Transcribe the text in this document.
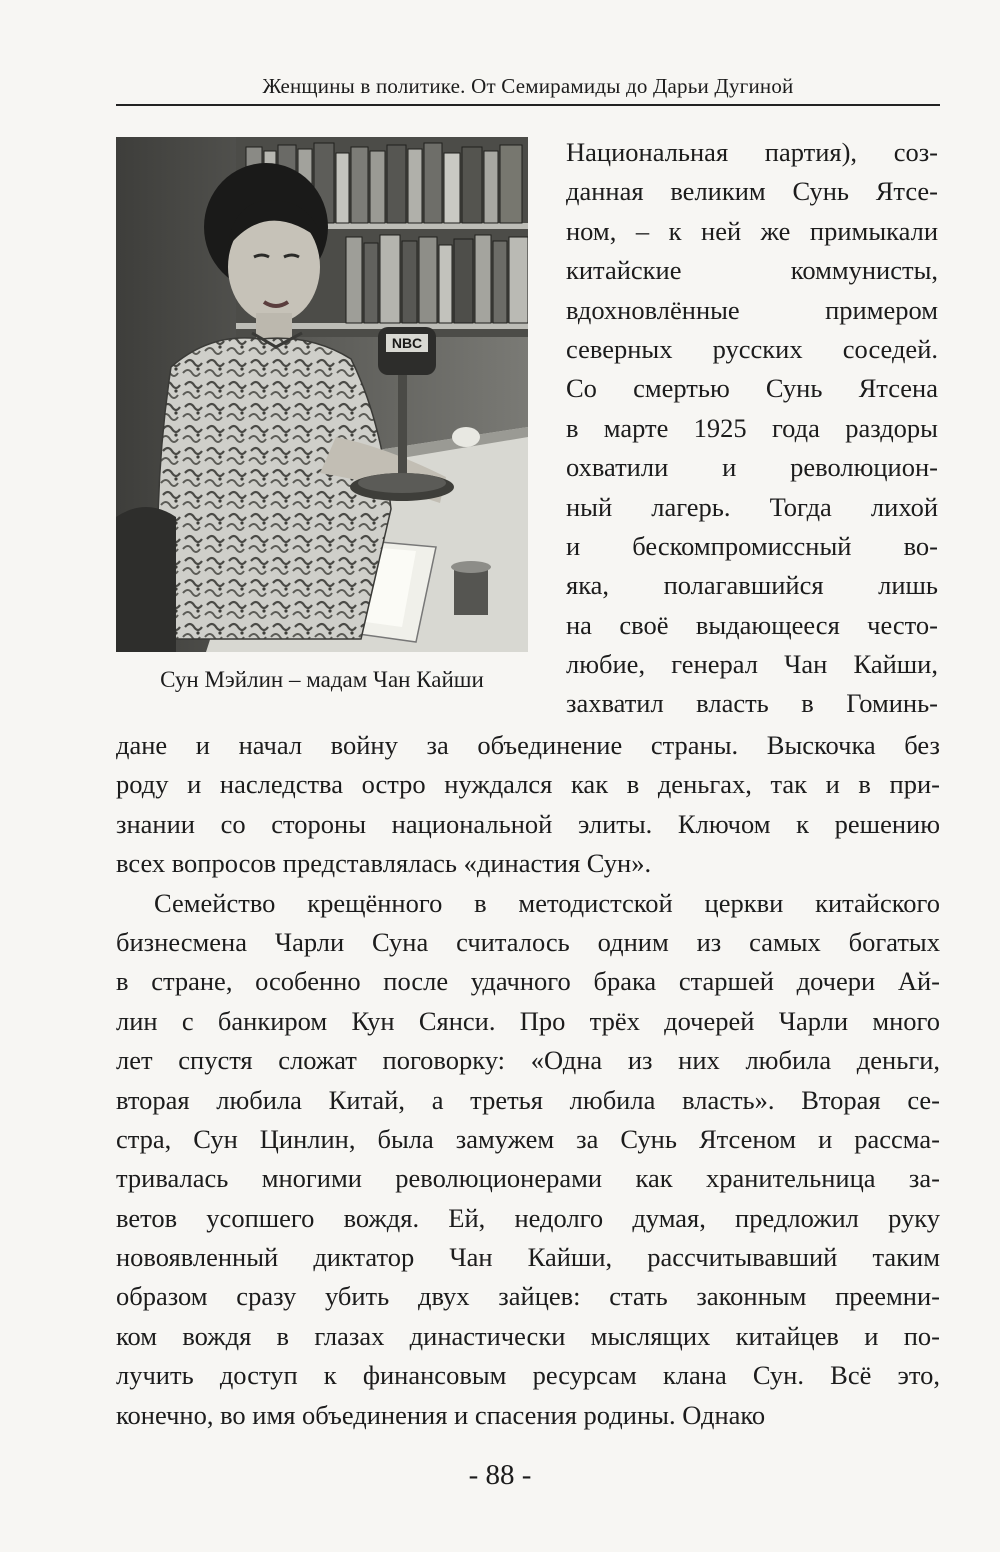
Женщины в политике. От Семирамиды до Дарьи Дугиной
NBC
Сун Мэйлин – мадам Чан Кайши
Национальная партия), соз-
данная великим Сунь Ятсе-
ном, – к ней же примыкали
китайские коммунисты,
вдохновлённые примером
северных русских соседей.
Со смертью Сунь Ятсена
в марте 1925 года раздоры
охватили и революцион-
ный лагерь. Тогда лихой
и бескомпромиссный во-
яка, полагавшийся лишь
на своё выдающееся често-
любие, генерал Чан Кайши,
захватил власть в Гоминь-
дане и начал войну за объединение страны. Выскочка без
роду и наследства остро нуждался как в деньгах, так и в при-
знании со стороны национальной элиты. Ключом к решению
всех вопросов представлялась «династия Сун».
Семейство крещённого в методистской церкви китайского
бизнесмена Чарли Суна считалось одним из самых богатых
в стране, особенно после удачного брака старшей дочери Ай-
лин с банкиром Кун Сянси. Про трёх дочерей Чарли много
лет спустя сложат поговорку: «Одна из них любила деньги,
вторая любила Китай, а третья любила власть». Вторая се-
стра, Сун Цинлин, была замужем за Сунь Ятсеном и рассма-
тривалась многими революционерами как хранительница за-
ветов усопшего вождя. Ей, недолго думая, предложил руку
новоявленный диктатор Чан Кайши, рассчитывавший таким
образом сразу убить двух зайцев: стать законным преемни-
ком вождя в глазах династически мыслящих китайцев и по-
лучить доступ к финансовым ресурсам клана Сун. Всё это,
конечно, во имя объединения и спасения родины. Однако
- 88 -
